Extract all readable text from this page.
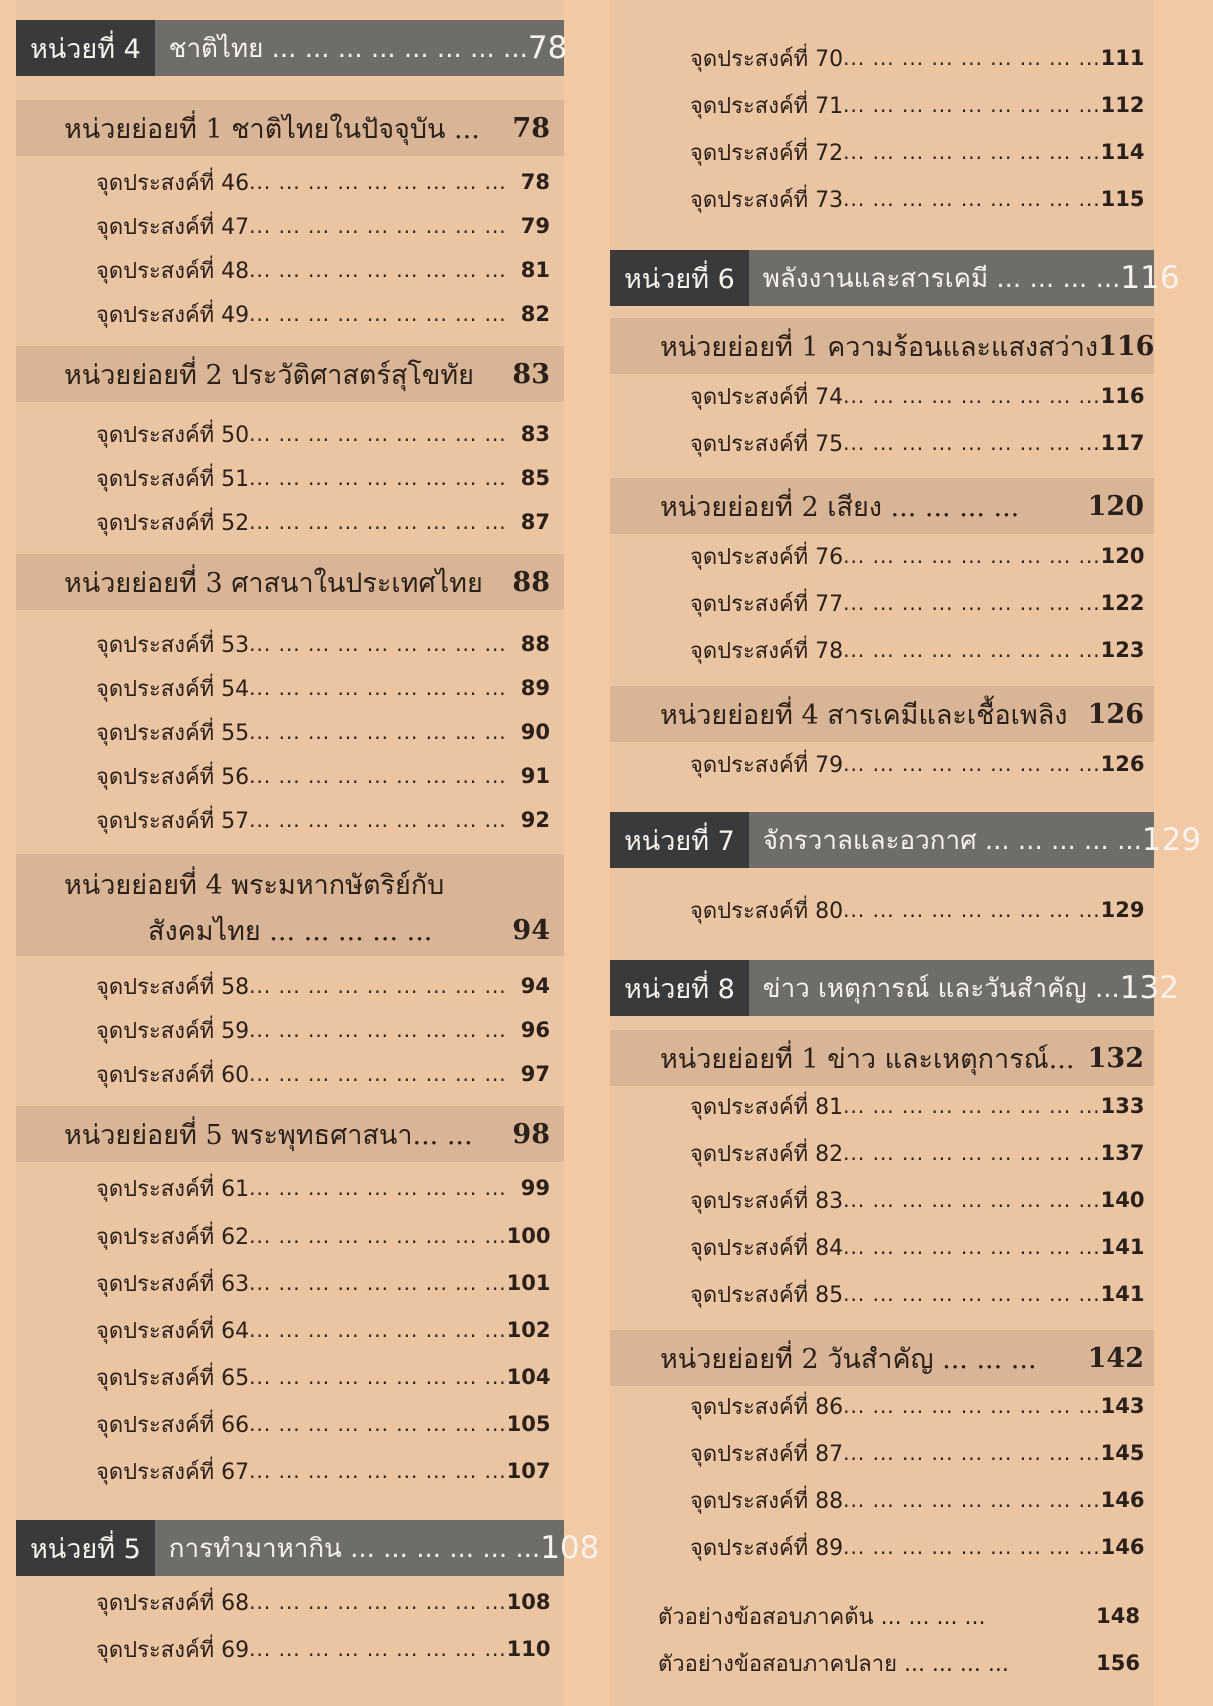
หน่วยที่ 4	ชาติไทย ... ... ... ... ... ... ... ... 78
หน่วยย่อยที่ 1 ชาติไทยในปัจจุบัน ...	78
จุดประสงค์ที่ 46 ... ... ... ... ... ... ... ... ... 78
จุดประสงค์ที่ 47 ... ... ... ... ... ... ... ... ... 79
จุดประสงค์ที่ 48 ... ... ... ... ... ... ... ... ... 81
จุดประสงค์ที่ 49 ... ... ... ... ... ... ... ... ... 82
หน่วยย่อยที่ 2 ประวัติศาสตร์สุโขทัย	83
จุดประสงค์ที่ 50 ... ... ... ... ... ... ... ... ... 83
จุดประสงค์ที่ 51 ... ... ... ... ... ... ... ... ... 85
จุดประสงค์ที่ 52 ... ... ... ... ... ... ... ... ... 87
หน่วยย่อยที่ 3 ศาสนาในประเทศไทย	88
จุดประสงค์ที่ 53 ... ... ... ... ... ... ... ... ... 88
จุดประสงค์ที่ 54 ... ... ... ... ... ... ... ... ... 89
จุดประสงค์ที่ 55 ... ... ... ... ... ... ... ... ... 90
จุดประสงค์ที่ 56 ... ... ... ... ... ... ... ... ... 91
จุดประสงค์ที่ 57 ... ... ... ... ... ... ... ... ... 92
หน่วยย่อยที่ 4 พระมหากษัตริย์กับ
สังคมไทย ... ... ... ... ...	94
จุดประสงค์ที่ 58 ... ... ... ... ... ... ... ... ... 94
จุดประสงค์ที่ 59 ... ... ... ... ... ... ... ... ... 96
จุดประสงค์ที่ 60 ... ... ... ... ... ... ... ... ... 97
หน่วยย่อยที่ 5 พระพุทธศาสนา... ...	98
จุดประสงค์ที่ 61 ... ... ... ... ... ... ... ... ... 99
จุดประสงค์ที่ 62 ... ... ... ... ... ... ... ... ... 100
จุดประสงค์ที่ 63 ... ... ... ... ... ... ... ... ... 101
จุดประสงค์ที่ 64 ... ... ... ... ... ... ... ... ... 102
จุดประสงค์ที่ 65 ... ... ... ... ... ... ... ... ... 104
จุดประสงค์ที่ 66 ... ... ... ... ... ... ... ... ... 105
จุดประสงค์ที่ 67 ... ... ... ... ... ... ... ... ... 107
หน่วยที่ 5	การทำมาหากิน ... ... ... ... ... ... 108
จุดประสงค์ที่ 68 ... ... ... ... ... ... ... ... ... 108
จุดประสงค์ที่ 69 ... ... ... ... ... ... ... ... ... 110
จุดประสงค์ที่ 70 ... ... ... ... ... ... ... ... ... 111
จุดประสงค์ที่ 71 ... ... ... ... ... ... ... ... ... 112
จุดประสงค์ที่ 72 ... ... ... ... ... ... ... ... ... 114
จุดประสงค์ที่ 73 ... ... ... ... ... ... ... ... ... 115
หน่วยที่ 6	พลังงานและสารเคมี ... ... ... ... 116
หน่วยย่อยที่ 1 ความร้อนและแสงสว่าง 116
จุดประสงค์ที่ 74 ... ... ... ... ... ... ... ... ... 116
จุดประสงค์ที่ 75 ... ... ... ... ... ... ... ... ... 117
หน่วยย่อยที่ 2 เสียง ... ... ... ...	120
จุดประสงค์ที่ 76 ... ... ... ... ... ... ... ... ... 120
จุดประสงค์ที่ 77 ... ... ... ... ... ... ... ... ... 122
จุดประสงค์ที่ 78 ... ... ... ... ... ... ... ... ... 123
หน่วยย่อยที่ 4 สารเคมีและเชื้อเพลิง 126
จุดประสงค์ที่ 79 ... ... ... ... ... ... ... ... ... 126
หน่วยที่ 7	จักรวาลและอวกาศ ... ... ... ... ... 129
จุดประสงค์ที่ 80 ... ... ... ... ... ... ... ... ... 129
หน่วยที่ 8	ข่าว เหตุการณ์ และวันสำคัญ ... 132
หน่วยย่อยที่ 1 ข่าว และเหตุการณ์... 132
จุดประสงค์ที่ 81 ... ... ... ... ... ... ... ... ... 133
จุดประสงค์ที่ 82 ... ... ... ... ... ... ... ... ... 137
จุดประสงค์ที่ 83 ... ... ... ... ... ... ... ... ... 140
จุดประสงค์ที่ 84 ... ... ... ... ... ... ... ... ... 141
จุดประสงค์ที่ 85 ... ... ... ... ... ... ... ... ... 141
หน่วยย่อยที่ 2 วันสำคัญ ... ... ...	142
จุดประสงค์ที่ 86 ... ... ... ... ... ... ... ... ... 143
จุดประสงค์ที่ 87 ... ... ... ... ... ... ... ... ... 145
จุดประสงค์ที่ 88 ... ... ... ... ... ... ... ... ... 146
จุดประสงค์ที่ 89 ... ... ... ... ... ... ... ... ... 146
ตัวอย่างข้อสอบภาคต้น ... ... ... ...	148
ตัวอย่างข้อสอบภาคปลาย ... ... ... ...	156
